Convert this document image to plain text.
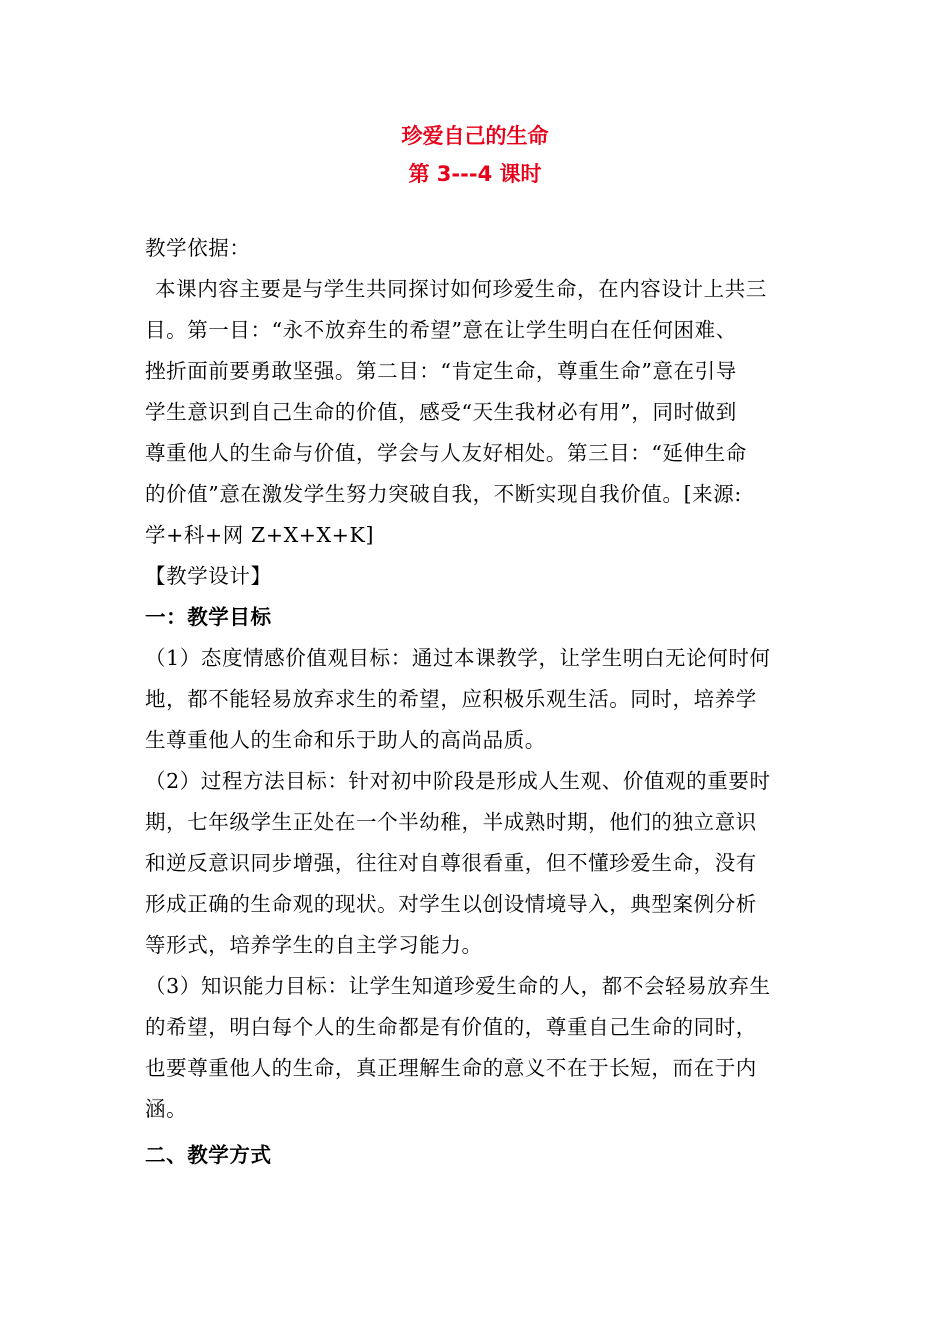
珍爱自己的生命
第 3---4 课时
教学依据：
本课内容主要是与学生共同探讨如何珍爱生命，在内容设计上共三
目。第一目：“永不放弃生的希望”意在让学生明白在任何困难、
挫折面前要勇敢坚强。第二目：“肯定生命，尊重生命”意在引导
学生意识到自己生命的价值，感受“天生我材必有用”，同时做到
尊重他人的生命与价值，学会与人友好相处。第三目：“延伸生命
的价值”意在激发学生努力突破自我，不断实现自我价值。[来源:
学+科+网 Z+X+X+K]
【教学设计】
一：教学目标
（1）态度情感价值观目标：通过本课教学，让学生明白无论何时何
地，都不能轻易放弃求生的希望，应积极乐观生活。同时，培养学
生尊重他人的生命和乐于助人的高尚品质。
（2）过程方法目标：针对初中阶段是形成人生观、价值观的重要时
期，七年级学生正处在一个半幼稚，半成熟时期，他们的独立意识
和逆反意识同步增强，往往对自尊很看重，但不懂珍爱生命，没有
形成正确的生命观的现状。对学生以创设情境导入，典型案例分析
等形式，培养学生的自主学习能力。
（3）知识能力目标：让学生知道珍爱生命的人，都不会轻易放弃生
的希望，明白每个人的生命都是有价值的，尊重自己生命的同时，
也要尊重他人的生命，真正理解生命的意义不在于长短，而在于内
涵。
二、教学方式
